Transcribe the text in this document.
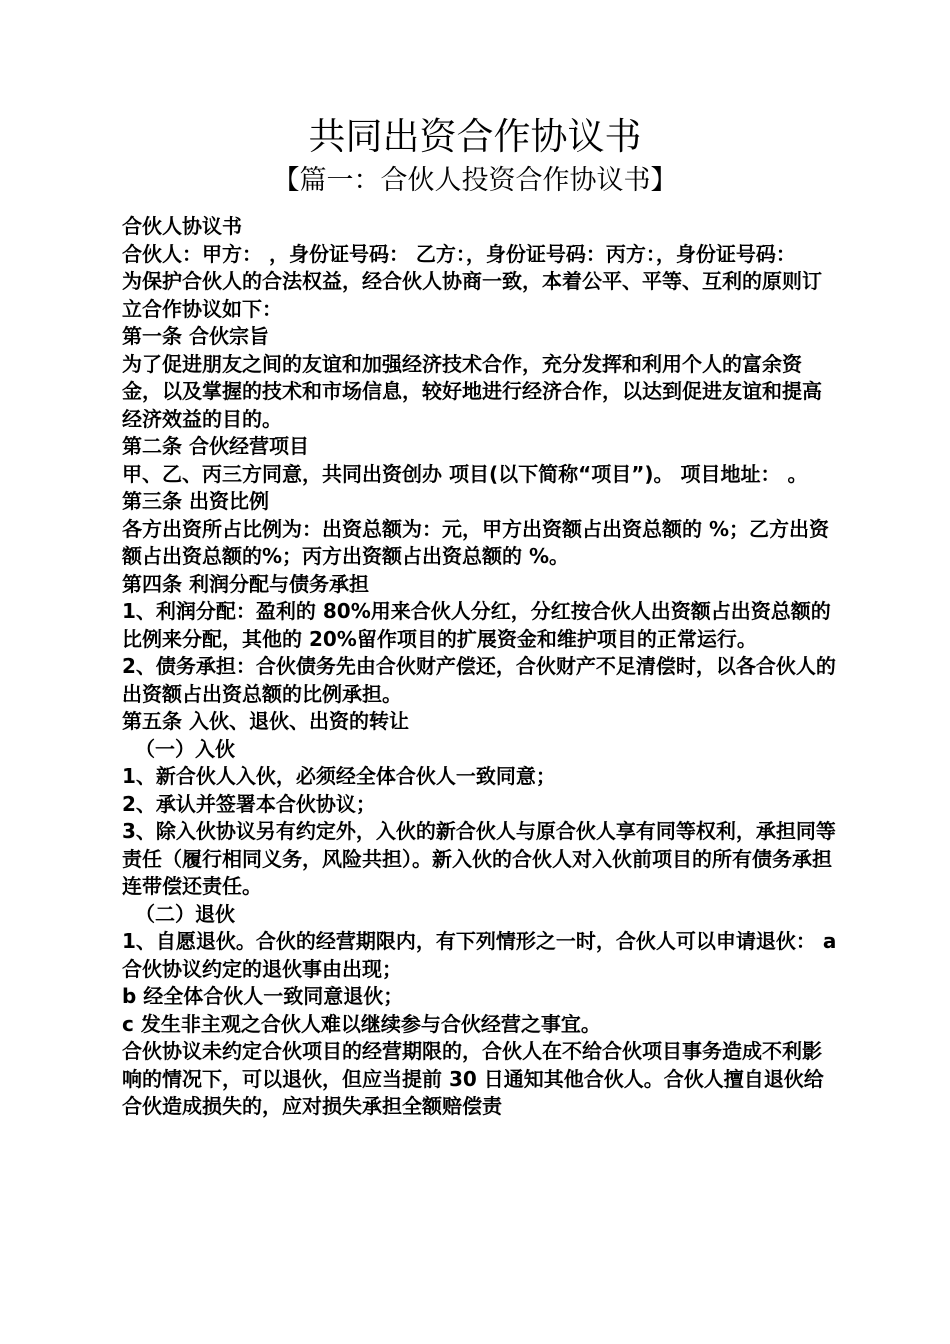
共同出资合作协议书
【篇一：合伙人投资合作协议书】

合伙人协议书

合伙人：甲方： ，身份证号码： 乙方：，身份证号码：丙方：，身份证号码：

为保护合伙人的合法权益，经合伙人协商一致，本着公平、平等、互利的原则订立合作协议如下：

第一条 合伙宗旨

为了促进朋友之间的友谊和加强经济技术合作，充分发挥和利用个人的富余资金，以及掌握的技术和市场信息，较好地进行经济合作，以达到促进友谊和提高经济效益的目的。

第二条 合伙经营项目

甲、乙、丙三方同意，共同出资创办 项目(以下简称“项目”)。 项目地址： 。

第三条 出资比例

各方出资所占比例为：出资总额为：元，甲方出资额占出资总额的 %；乙方出资额占出资总额的%；丙方出资额占出资总额的 %。

第四条 利润分配与债务承担

1、利润分配：盈利的 80%用来合伙人分红，分红按合伙人出资额占出资总额的比例来分配，其他的 20%留作项目的扩展资金和维护项目的正常运行。

2、债务承担：合伙债务先由合伙财产偿还，合伙财产不足清偿时，以各合伙人的出资额占出资总额的比例承担。

第五条 入伙、退伙、出资的转让

（一）入伙

1、新合伙人入伙，必须经全体合伙人一致同意；

2、承认并签署本合伙协议；

3、除入伙协议另有约定外，入伙的新合伙人与原合伙人享有同等权利，承担同等责任（履行相同义务，风险共担）。新入伙的合伙人对入伙前项目的所有债务承担连带偿还责任。

（二）退伙

1、自愿退伙。合伙的经营期限内，有下列情形之一时，合伙人可以申请退伙： a 合伙协议约定的退伙事由出现；

b 经全体合伙人一致同意退伙；

c 发生非主观之合伙人难以继续参与合伙经营之事宜。

合伙协议未约定合伙项目的经营期限的，合伙人在不给合伙项目事务造成不利影响的情况下，可以退伙，但应当提前 30 日通知其他合伙人。合伙人擅自退伙给合伙造成损失的，应对损失承担全额赔偿责
